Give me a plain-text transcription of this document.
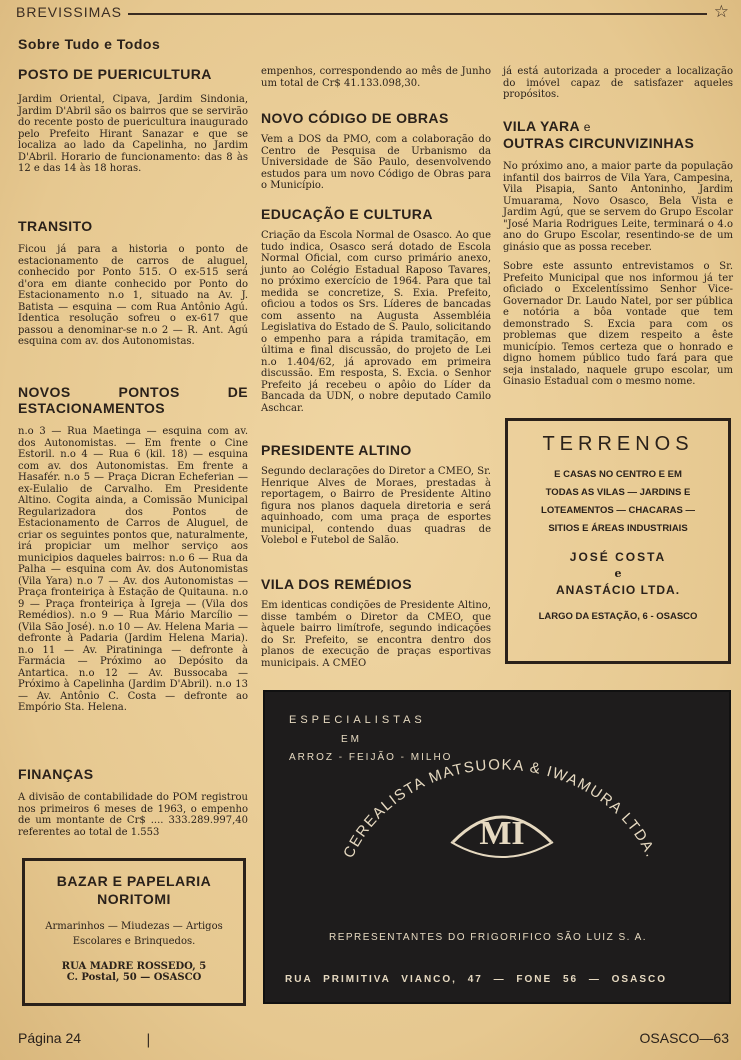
BREVISSIMAS	☆
Sobre Tudo e Todos
POSTO DE PUERICULTURA
Jardim Oriental, Cipava, Jardim Sindonia, Jardim D'Abril são os bairros que se servirão do recente posto de puericultura inaugurado pelo Prefeito Hirant Sanazar e que se localiza ao lado da Capelinha, no Jardim D'Abril. Horario de funcionamento: das 8 às 12 e das 14 às 18 horas.
TRANSITO
Ficou já para a historia o ponto de estacionamento de carros de aluguel, conhecido por Ponto 515. O ex-515 será d'ora em diante conhecido por Ponto do Estacionamento n.o 1, situado na Av. J. Batista — esquina — com Rua Antônio Agú. Identica resolução sofreu o ex-617 que passou a denominar-se n.o 2 — R. Ant. Agú esquina com av. dos Autonomistas.
NOVOS PONTOS DE ESTACIONAMENTOS
n.o 3 — Rua Maetinga — esquina com av. dos Autonomistas. — Em frente o Cine Estoril. n.o 4 — Rua 6 (kil. 18) — esquina com av. dos Autonomistas. Em frente a Hasafér. n.o 5 — Praça Dicran Echeferian — ex-Eulalio de Carvalho. Em Presidente Altino. Cogita ainda, a Comissão Municipal Regularizadora dos Pontos de Estacionamento de Carros de Aluguel, de criar os seguintes pontos que, naturalmente, irá propiciar um melhor serviço aos municipios daqueles bairros: n.o 6 — Rua da Palha — esquina com Av. dos Autonomistas (Vila Yara) n.o 7 — Av. dos Autonomistas — Praça fronteiriça à Estação de Quitauna. n.o 9 — Praça fronteiriça à Igreja — (Vila dos Remédios). n.o 9 — Rua Mário Marcílio — (Vila São José). n.o 10 — Av. Helena Maria — defronte à Padaria (Jardim Helena Maria). n.o 11 — Av. Piratininga — defronte à Farmácia — Próximo ao Depósito da Antartica. n.o 12 — Av. Bussocaba — Próximo à Capelinha (Jardim D'Abril). n.o 13 — Av. Antônio C. Costa — defronte ao Empório Sta. Helena.
FINANÇAS
A divisão de contabilidade do POM registrou nos primeiros 6 meses de 1963, o empenho de um montante de Cr$ .... 333.289.997,40 referentes ao total de 1.553
empenhos, correspondendo ao mês de Junho um total de Cr$ 41.133.098,30.
NOVO CÓDIGO DE OBRAS
Vem a DOS da PMO, com a colaboração do Centro de Pesquisa de Urbanismo da Universidade de São Paulo, desenvolvendo estudos para um novo Código de Obras para o Município.
EDUCAÇÃO E CULTURA
Criação da Escola Normal de Osasco. Ao que tudo indica, Osasco será dotado de Escola Normal Oficial, com curso primário anexo, junto ao Colégio Estadual Raposo Tavares, no próximo exercício de 1964. Para que tal medida se concretize, S. Exia. Prefeito, oficiou a todos os Srs. Líderes de bancadas com assento na Augusta Assembléia Legislativa do Estado de S. Paulo, solicitando o empenho para a rápida tramitação, em última e final discussão, do projeto de Lei n.o 1.404/62, já aprovado em primeira discussão. Em resposta, S. Excia. o Senhor Prefeito já recebeu o apôio do Líder da Bancada da UDN, o nobre deputado Camilo Aschcar.
PRESIDENTE ALTINO
Segundo declarações do Diretor a CMEO, Sr. Henrique Alves de Moraes, prestadas à reportagem, o Bairro de Presidente Altino figura nos planos daquela diretoria e será aquinhoado, com uma praça de esportes municipal, contendo duas quadras de Volebol e Futebol de Salão.
VILA DOS REMÉDIOS
Em identicas condições de Presidente Altino, disse também o Diretor da CMEO, que àquele bairro limítrofe, segundo indicações do Sr. Prefeito, se encontra dentro dos planos de execução de praças esportivas municipais. A CMEO
já está autorizada a proceder a localização do imóvel capaz de satisfazer aqueles propósitos.
VILA YARA e
OUTRAS CIRCUNVIZINHAS
No próximo ano, a maior parte da população infantil dos bairros de Vila Yara, Campesina, Vila Pisapia, Santo Antoninho, Jardim Umuarama, Novo Osasco, Bela Vista e Jardim Agú, que se servem do Grupo Escolar "José Maria Rodrigues Leite, terminará o 4.o ano do Grupo Escolar, resentindo-se de um ginásio que as possa receber.
Sobre este assunto entrevistamos o Sr. Prefeito Municipal que nos informou já ter oficiado o Excelentíssimo Senhor Vice-Governador Dr. Laudo Natel, por ser pública e notória a bôa vontade que tem demonstrado S. Excia para com os problemas que dizem respeito a êste município. Temos certeza que o honrado e digno homem público tudo fará para que seja instalado, naquele grupo escolar, um Ginasio Estadual com o mesmo nome.
TERRENOS
E CASAS NO CENTRO E EM
TODAS AS VILAS — JARDINS E
LOTEAMENTOS — CHACARAS —
SITIOS E ÁREAS INDUSTRIAIS
JOSÉ COSTA
e
ANASTÁCIO LTDA.
LARGO DA ESTAÇÃO, 6 - OSASCO
BAZAR E PAPELARIA
NORITOMI
Armarinhos — Miudezas — Artigos Escolares e Brinquedos.
RUA MADRE ROSSEDO, 5
C. Postal, 50 — OSASCO
ESPECIALISTAS
EM
ARROZ - FEIJÃO - MILHO
CEREALISTA MATSUOKA & IWAMURA LTDA.
MI
REPRESENTANTES DO FRIGORIFICO SÃO LUIZ S. A.
RUA PRIMITIVA VIANCO, 47 — FONE 56 — OSASCO
Página 24	|	OSASCO—63
